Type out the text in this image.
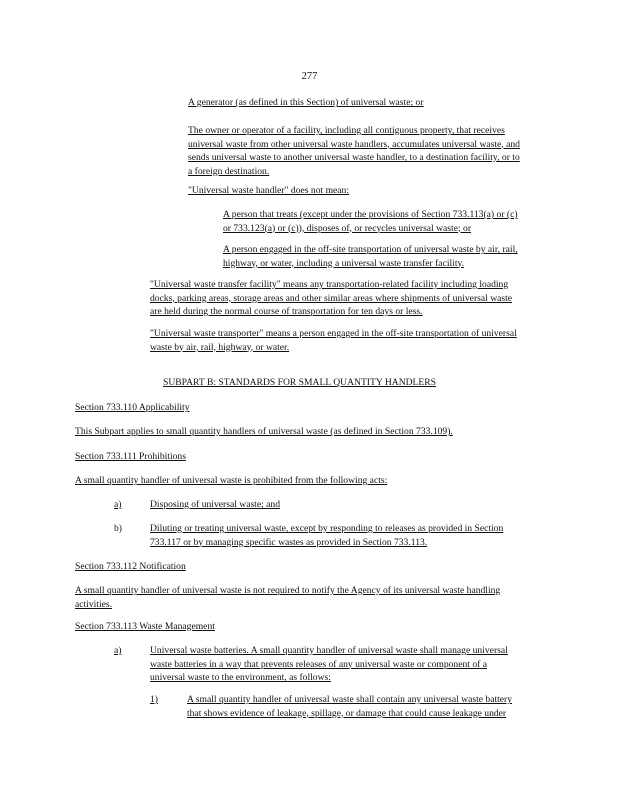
277
A generator (as defined in this Section) of universal waste; or
The owner or operator of a facility, including all contiguous property, that receives
universal waste from other universal waste handlers, accumulates universal waste, and
sends universal waste to another universal waste handler, to a destination facility, or to
a foreign destination.
"Universal waste handler" does not mean:
A person that treats (except under the provisions of Section 733.113(a) or (c)
or 733.123(a) or (c)), disposes of, or recycles universal waste; or
A person engaged in the off-site transportation of universal waste by air, rail,
highway, or water, including a universal waste transfer facility.
"Universal waste transfer facility" means any transportation-related facility including loading
docks, parking areas, storage areas and other similar areas where shipments of universal waste
are held during the normal course of transportation for ten days or less.
"Universal waste transporter" means a person engaged in the off-site transportation of universal
waste by air, rail, highway, or water.
SUBPART B: STANDARDS FOR SMALL QUANTITY HANDLERS
Section 733.110 Applicability
This Subpart applies to small quantity handlers of universal waste (as defined in Section 733.109).
Section 733.111 Prohibitions
A small quantity handler of universal waste is prohibited from the following acts:
a)	Disposing of universal waste; and
b)	Diluting or treating universal waste, except by responding to releases as provided in Section
733.117 or by managing specific wastes as provided in Section 733.113.
Section 733.112 Notification
A small quantity handler of universal waste is not required to notify the Agency of its universal waste handling
activities.
Section 733.113 Waste Management
a)	Universal waste batteries. A small quantity handler of universal waste shall manage universal
waste batteries in a way that prevents releases of any universal waste or component of a
universal waste to the environment, as follows:
1)	A small quantity handler of universal waste shall contain any universal waste battery
that shows evidence of leakage, spillage, or damage that could cause leakage under
